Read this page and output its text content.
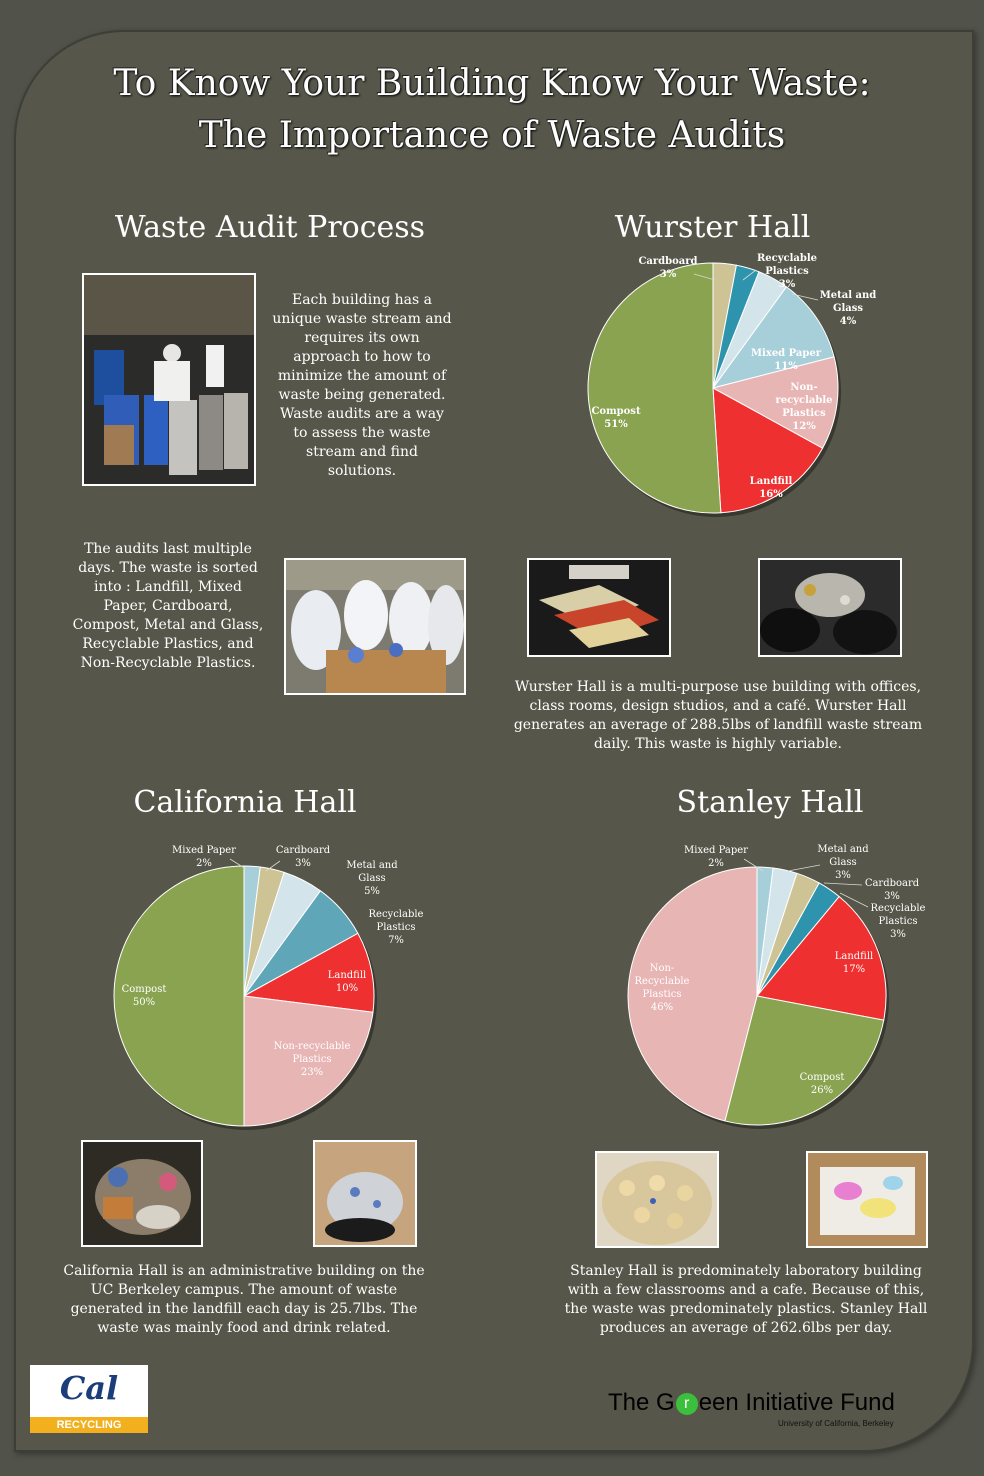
To Know Your Building Know Your Waste:
The Importance of Waste Audits
Waste Audit Process
Each building has a unique waste stream and requires its own approach to how to minimize the amount of waste being generated. Waste audits are a way to assess the waste stream and find solutions.
The audits last multiple days. The waste is sorted into : Landfill, Mixed Paper, Cardboard, Compost, Metal and Glass, Recyclable Plastics, and Non-Recyclable Plastics.
Wurster Hall
Cardboard 3%
Recyclable Plastics 3%
Metal and Glass 4%
Mixed Paper 11%
Non-recyclable Plastics 12%
Landfill 16%
Compost 51%
Wurster Hall is a multi-purpose use building with offices, class rooms, design studios, and a café. Wurster Hall generates an average of 288.5lbs of landfill waste stream daily. This waste is highly variable.
California Hall
Mixed Paper 2%
Cardboard 3%	Metal and Glass 5%
Recyclable Plastics 7%
Landfill 10%
Non-recyclable Plastics 23%
Compost 50%
California Hall is an administrative building on the UC Berkeley campus. The amount of waste generated in the landfill each day is 25.7lbs. The waste was mainly food and drink related.
Stanley Hall
Mixed Paper 2%
Metal and Glass 3%
Cardboard 3%
Recyclable Plastics 3%
Landfill 17%
Compost 26%
Non-Recyclable Plastics 46%
Stanley Hall is predominately laboratory building with a few classrooms and a cafe. Because of this, the waste was predominately plastics. Stanley Hall produces an average of 262.6lbs per day.
Cal
RECYCLING
The G r een Initiative Fund
University of California, Berkeley
